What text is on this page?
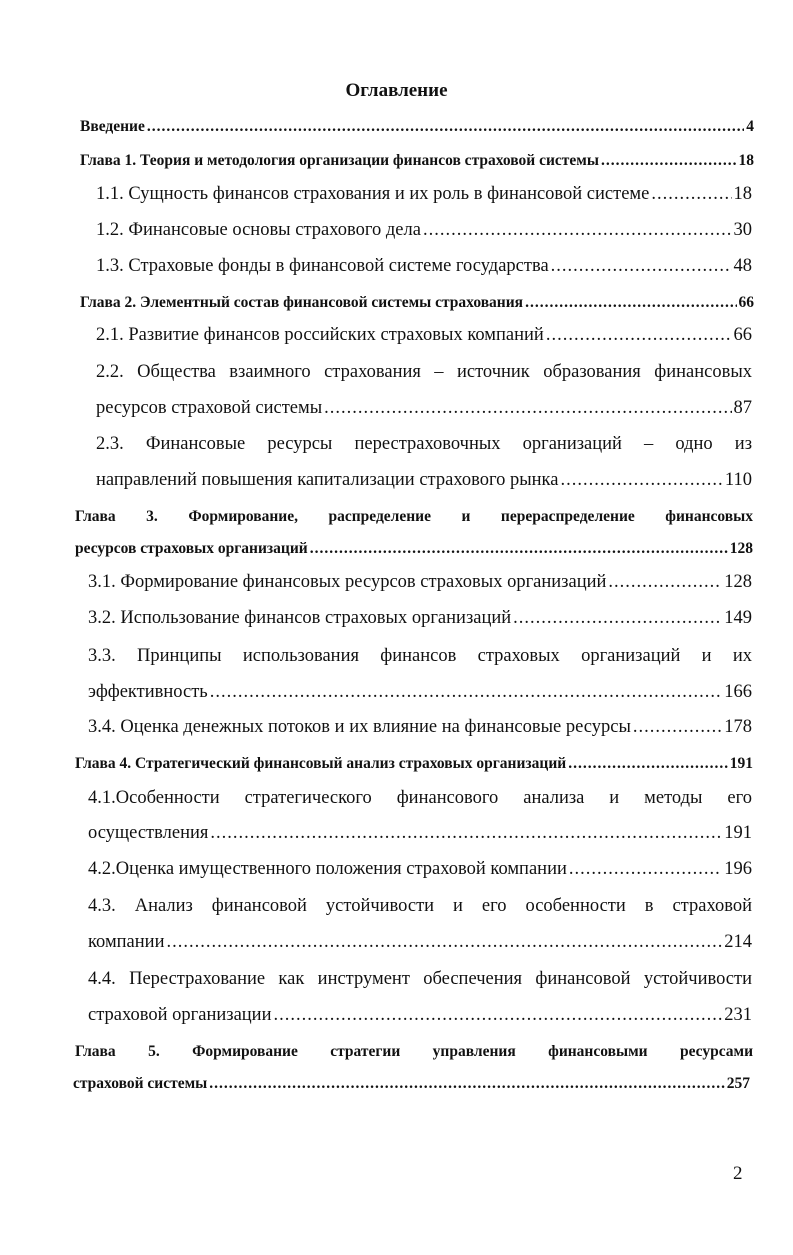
Оглавление
Введение .....	4
Глава 1. Теория и методология организации финансов страховой системы .....	18
1.1. Сущность финансов страхования и их роль в финансовой системе .....	18
1.2. Финансовые основы страхового дела .....	30
1.3. Страховые фонды в финансовой системе государства .....	48
Глава 2. Элементный состав финансовой системы страхования .....	66
2.1. Развитие финансов российских страховых компаний .....	66
2.2. Общества взаимного страхования – источник образования финансовых
ресурсов страховой системы .....	87
2.3. Финансовые ресурсы перестраховочных организаций – одно из
направлений повышения капитализации страхового рынка .....	110
Глава 3. Формирование, распределение и перераспределение финансовых
ресурсов страховых организаций .....	128
3.1. Формирование финансовых ресурсов страховых организаций .....	128
3.2. Использование финансов страховых организаций .....	149
3.3. Принципы использования финансов страховых организаций и их
эффективность .....	166
3.4. Оценка денежных потоков и их влияние на финансовые ресурсы .....	178
Глава 4. Стратегический финансовый анализ страховых организаций .....	191
4.1.Особенности стратегического финансового анализа и методы его
осуществления .....	191
4.2.Оценка имущественного положения страховой компании .....	196
4.3. Анализ финансовой устойчивости и его особенности в страховой
компании .....	214
4.4. Перестрахование как инструмент обеспечения финансовой устойчивости
страховой организации .....	231
Глава 5. Формирование стратегии управления финансовыми ресурсами
страховой системы .....	257
2
